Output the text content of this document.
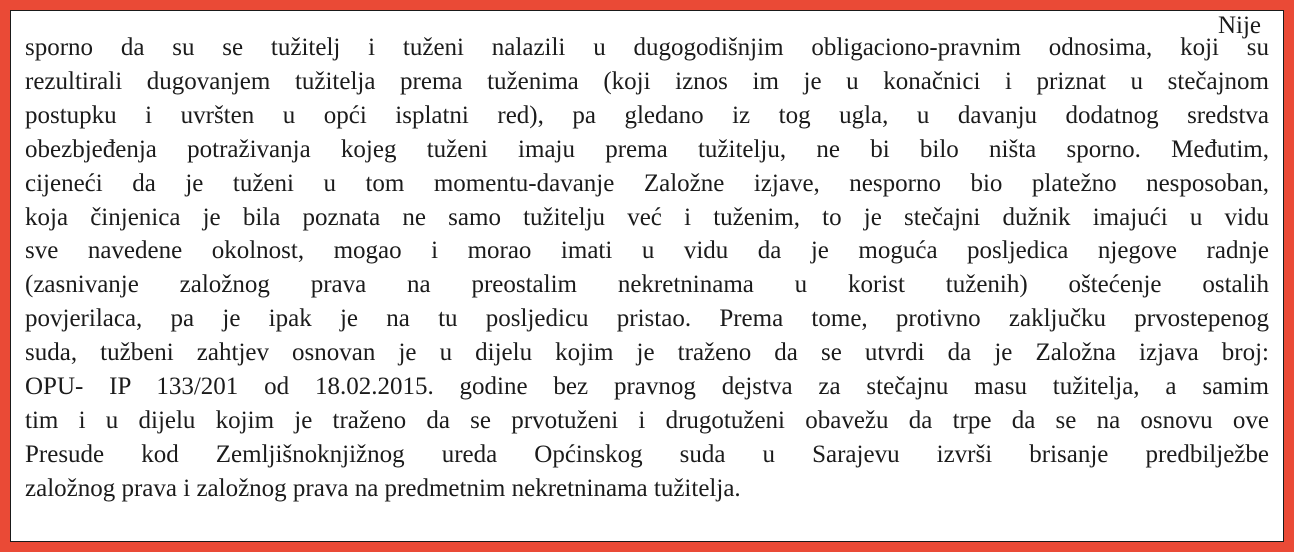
Nije
sporno da su se tužitelj i tuženi nalazili u dugogodišnjim obligaciono-pravnim odnosima, koji su
rezultirali dugovanjem tužitelja prema tuženima (koji iznos im je u konačnici i priznat u stečajnom
postupku i uvršten u opći isplatni red), pa gledano iz tog ugla, u davanju dodatnog sredstva
obezbjeđenja potraživanja kojeg tuženi imaju prema tužitelju, ne bi bilo ništa sporno. Međutim,
cijeneći da je tuženi u tom momentu-davanje Založne izjave, nesporno bio platežno nesposoban,
koja činjenica je bila poznata ne samo tužitelju već i tuženim, to je stečajni dužnik imajući u vidu
sve navedene okolnost, mogao i morao imati u vidu da je moguća posljedica njegove radnje
(zasnivanje založnog prava na preostalim nekretninama u korist tuženih) oštećenje ostalih
povjerilaca, pa je ipak je na tu posljedicu pristao. Prema tome, protivno zaključku prvostepenog
suda, tužbeni zahtjev osnovan je u dijelu kojim je traženo da se utvrdi da je Založna izjava broj:
OPU- IP 133/201 od 18.02.2015. godine bez pravnog dejstva za stečajnu masu tužitelja, a samim
tim i u dijelu kojim je traženo da se prvotuženi i drugotuženi obavežu da trpe da se na osnovu ove
Presude kod Zemljišnoknjižnog ureda Općinskog suda u Sarajevu izvrši brisanje predbilježbe
založnog prava i založnog prava na predmetnim nekretninama tužitelja.
